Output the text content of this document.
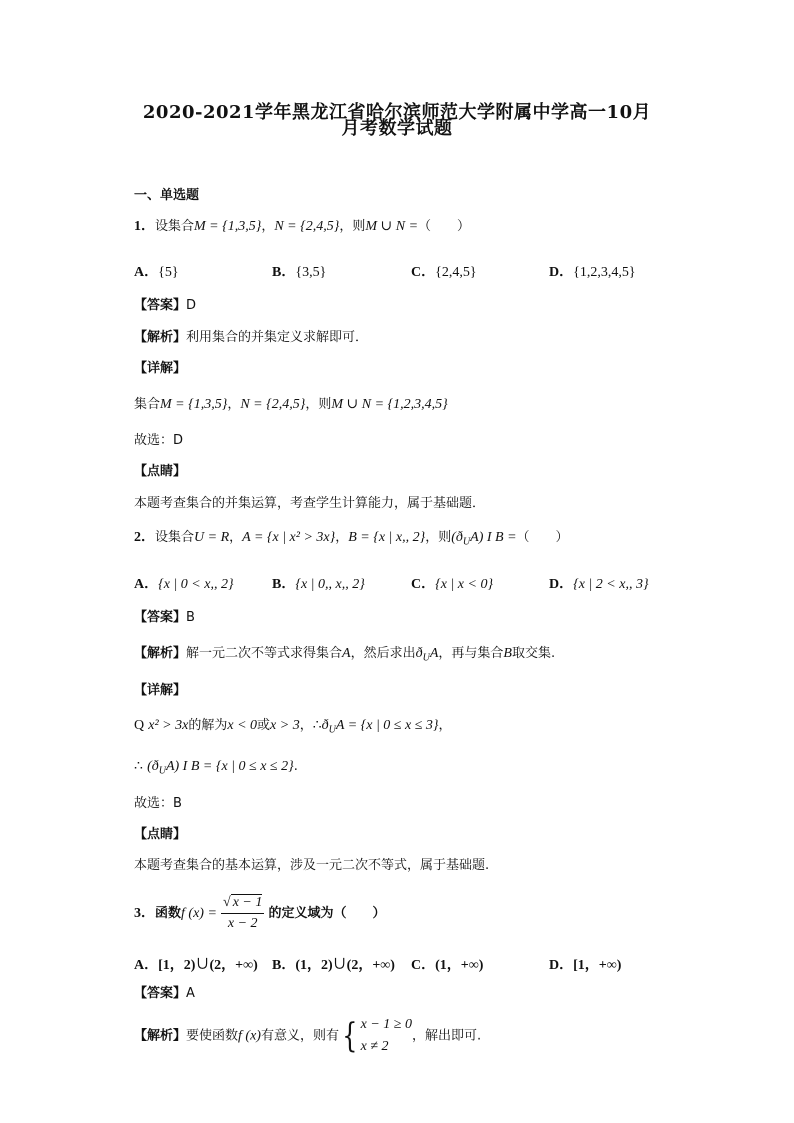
2020-2021学年黑龙江省哈尔滨师范大学附属中学高一10月
月考数学试题
一、单选题
1．设集合M = {1,3,5}，N = {2,4,5}，则M ∪ N =（　　）
A．{5}	B．{3,5}	C．{2,4,5}	D．{1,2,3,4,5}
【答案】D
【解析】利用集合的并集定义求解即可．
【详解】
集合M = {1,3,5}，N = {2,4,5}，则M ∪ N = {1,2,3,4,5}
故选：D
【点睛】
本题考查集合的并集运算，考查学生计算能力，属于基础题．
2．设集合U = R，A = {x | x² > 3x}，B = {x | x,, 2}，则$(ð_UA)$ I B =（　　）
A．{x | 0 < x,, 2}	B．{x | 0,, x,, 2}	C．{x | x < 0}	D．{x | 2 < x,, 3}
【答案】B
【解析】解一元二次不等式求得集合A，然后求出$ð_UA$，再与集合B取交集.
【详解】
Q x² > 3x的解为x < 0或x > 3，$\therefore ð_UA = \{x$ | 0 ≤ x ≤ 3}，
∴ $(ð_UA)$ I B = {x | 0 ≤ x ≤ 2}.
故选：B
【点睛】
本题考查集合的基本运算，涉及一元二次不等式，属于基础题.
3．函数f $(x) = \frac{√ x - 1}{x - 2}$ 的定义域为（　　）
A．[1，2)∪(2，+∞) B．(1，2)∪(2，+∞) C．(1，+∞)	D．[1，+∞)
【答案】A
【解析】要使函数f (x)有意义，则有{ x − 1 ≥ 0
x ≠ 2
，解出即可.
